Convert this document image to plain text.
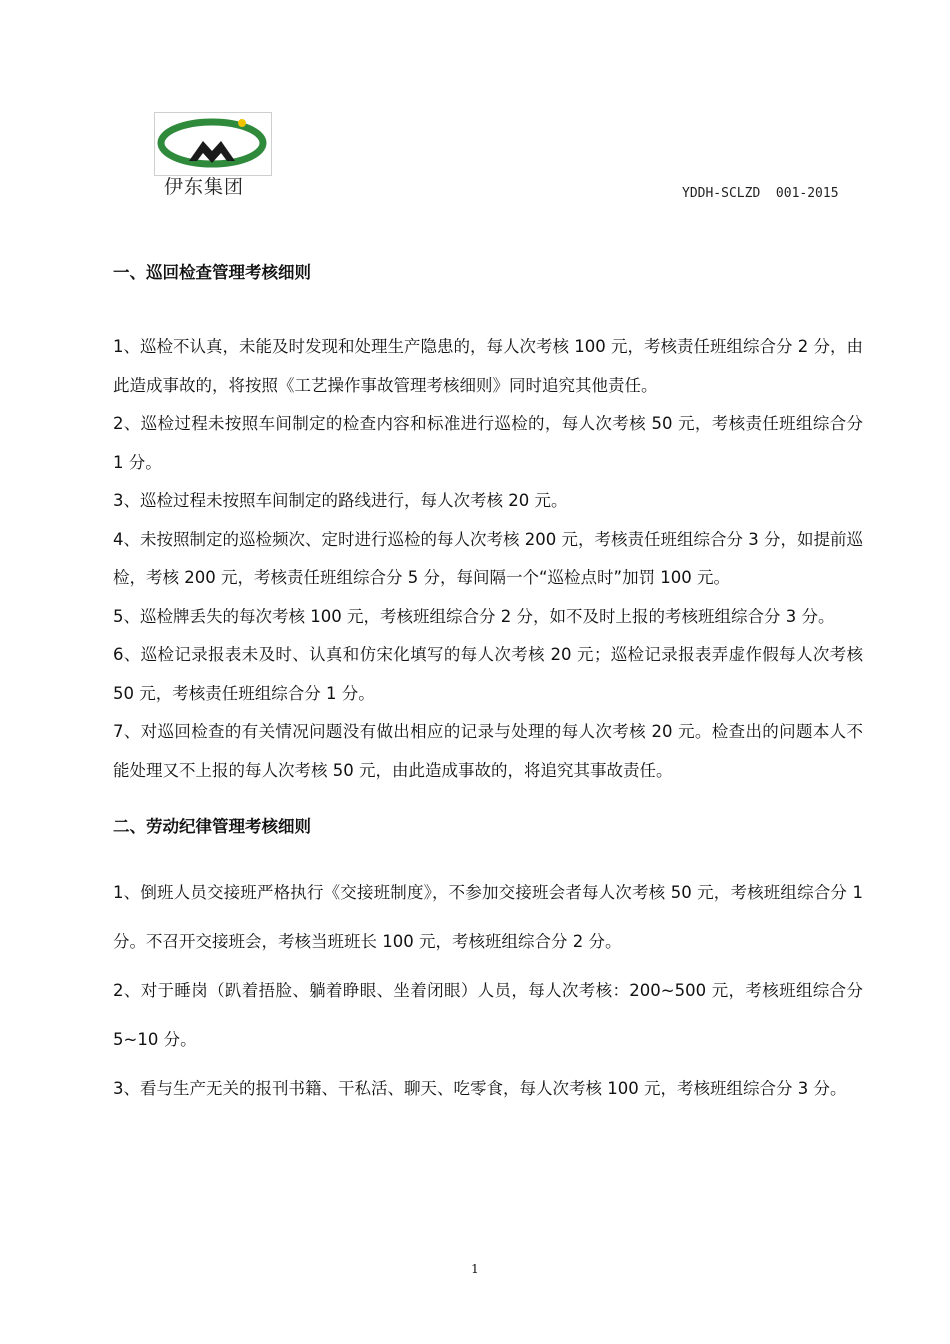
伊东集团	YDDH-SCLZD  001-2015
一、巡回检查管理考核细则

1、巡检不认真，未能及时发现和处理生产隐患的，每人次考核 100 元，考核责任班组综合分 2 分，由此造成事故的，将按照《工艺操作事故管理考核细则》同时追究其他责任。

2、巡检过程未按照车间制定的检查内容和标准进行巡检的，每人次考核 50 元，考核责任班组综合分 1 分。

3、巡检过程未按照车间制定的路线进行，每人次考核 20 元。

4、未按照制定的巡检频次、定时进行巡检的每人次考核 200 元，考核责任班组综合分 3 分，如提前巡检，考核 200 元，考核责任班组综合分 5 分，每间隔一个“巡检点时”加罚 100 元。

5、巡检牌丢失的每次考核 100 元，考核班组综合分 2 分，如不及时上报的考核班组综合分 3 分。

6、巡检记录报表未及时、认真和仿宋化填写的每人次考核 20 元；巡检记录报表弄虚作假每人次考核 50 元，考核责任班组综合分 1 分。

7、对巡回检查的有关情况问题没有做出相应的记录与处理的每人次考核 20 元。检查出的问题本人不能处理又不上报的每人次考核 50 元，由此造成事故的，将追究其事故责任。

二、劳动纪律管理考核细则

1、倒班人员交接班严格执行《交接班制度》，不参加交接班会者每人次考核 50 元，考核班组综合分 1 分。不召开交接班会，考核当班班长 100 元，考核班组综合分 2 分。

2、对于睡岗（趴着捂脸、躺着睁眼、坐着闭眼）人员，每人次考核：200~500 元，考核班组综合分 5~10 分。

3、看与生产无关的报刊书籍、干私活、聊天、吃零食，每人次考核 100 元，考核班组综合分 3 分。

1
